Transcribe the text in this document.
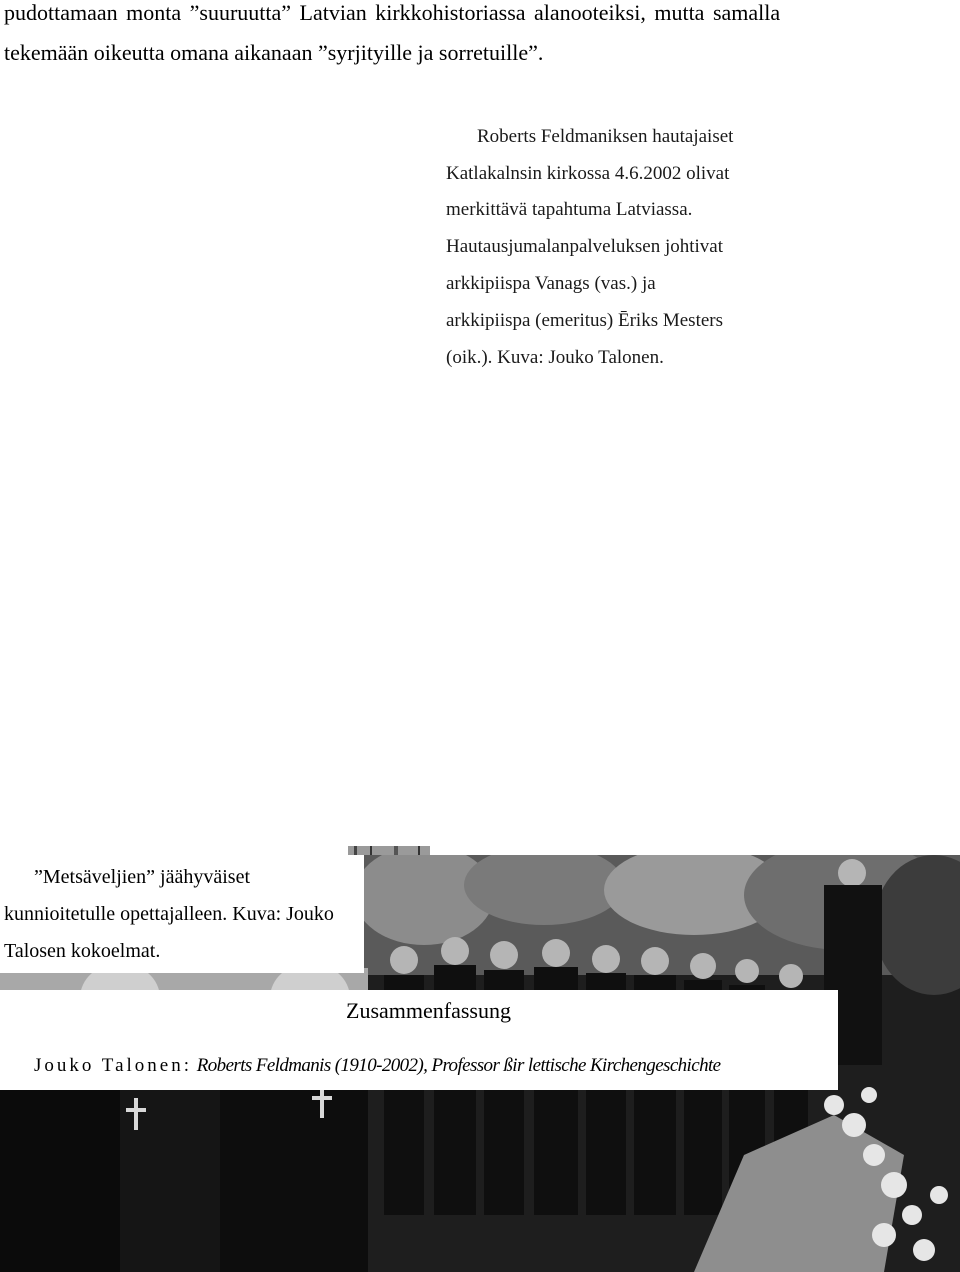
pudottamaan monta ”suuruutta” Latvian kirkkohistoriassa alanooteiksi, mutta samalla
tekemään oikeutta omana aikanaan ”syrjityille ja sorretuille”.
Roberts Feldmaniksen hautajaiset
Katlakalnsin kirkossa 4.6.2002 olivat
merkittävä tapahtuma Latviassa.
Hautausjumalanpalveluksen johtivat
arkkipiispa Vanags (vas.) ja
arkkipiispa (emeritus) Ēriks Mesters
(oik.). Kuva: Jouko Talonen.
”Metsäveljien” jäähyväiset
kunnioitetulle opettajalleen. Kuva: Jouko
Talosen kokoelmat.
Zusammenfassung
Jouko Talonen: Roberts Feldmanis (1910-2002), Professor ßir lettische Kirchengeschichte
